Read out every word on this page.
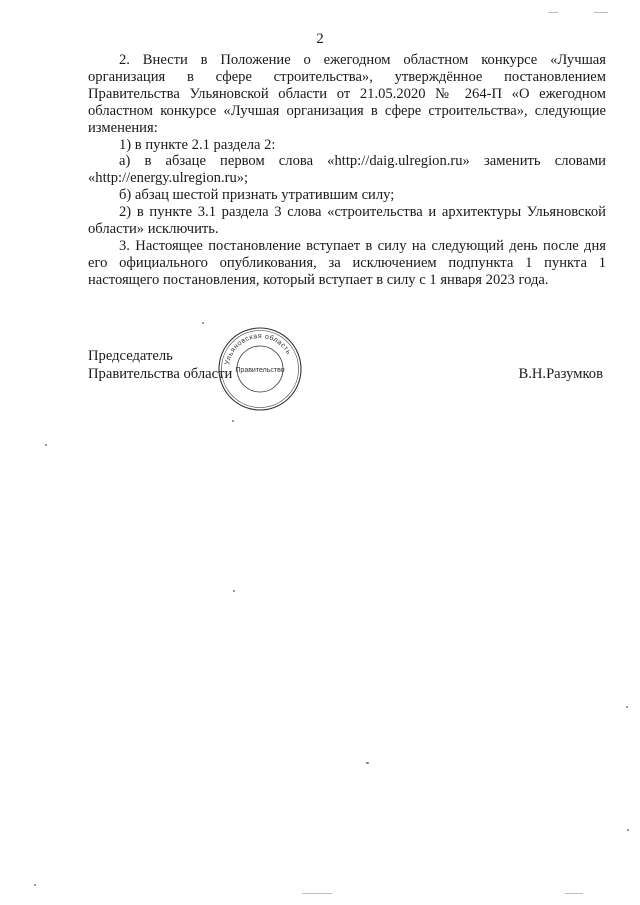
2

2. Внести в Положение о ежегодном областном конкурсе «Лучшая организация в сфере строительства», утверждённое постановлением Правительства Ульяновской области от 21.05.2020 № 264-П «О ежегодном областном конкурсе «Лучшая организация в сфере строительства», следующие изменения:

1) в пункте 2.1 раздела 2:

а) в абзаце первом слова «http://daig.ulregion.ru» заменить словами «http://energy.ulregion.ru»;

б) абзац шестой признать утратившим силу;

2) в пункте 3.1 раздела 3 слова «строительства и архитектуры Ульяновской области» исключить.

3. Настоящее постановление вступает в силу на следующий день после дня его официального опубликования, за исключением подпункта 1 пункта 1 настоящего постановления, который вступает в силу с 1 января 2023 года.

Председатель
Правительства области	В.Н.Разумков
Ульяновская область
Правительство
